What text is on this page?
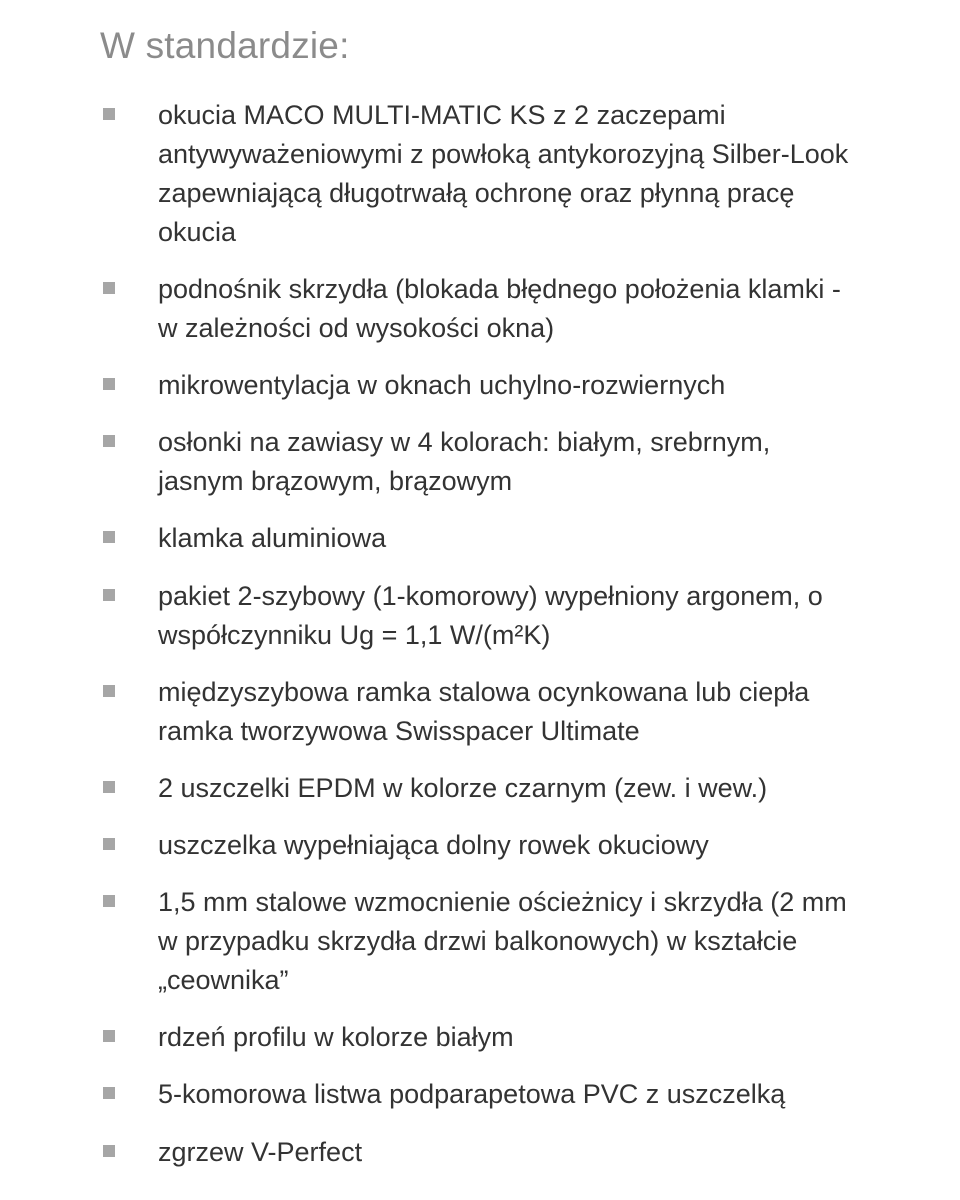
W standardzie:
okucia MACO MULTI-MATIC KS z 2 zaczepami antywyważeniowymi z powłoką antykorozyjną Silber-Look zapewniającą długotrwałą ochronę oraz płynną pracę okucia
podnośnik skrzydła (blokada błędnego położenia klamki - w zależności od wysokości okna)
mikrowentylacja w oknach uchylno-rozwiernych
osłonki na zawiasy w 4 kolorach: białym, srebrnym, jasnym brązowym, brązowym
klamka aluminiowa
pakiet 2-szybowy (1-komorowy) wypełniony argonem, o współczynniku Ug = 1,1 W/(m²K)
międzyszybowa ramka stalowa ocynkowana lub ciepła ramka tworzywowa Swisspacer Ultimate
2 uszczelki EPDM w kolorze czarnym (zew. i wew.)
uszczelka wypełniająca dolny rowek okuciowy
1,5 mm stalowe wzmocnienie ościeżnicy i skrzydła (2 mm w przypadku skrzydła drzwi balkonowych) w kształcie „ceownika”
rdzeń profilu w kolorze białym
5-komorowa listwa podparapetowa PVC z uszczelką
zgrzew V-Perfect
